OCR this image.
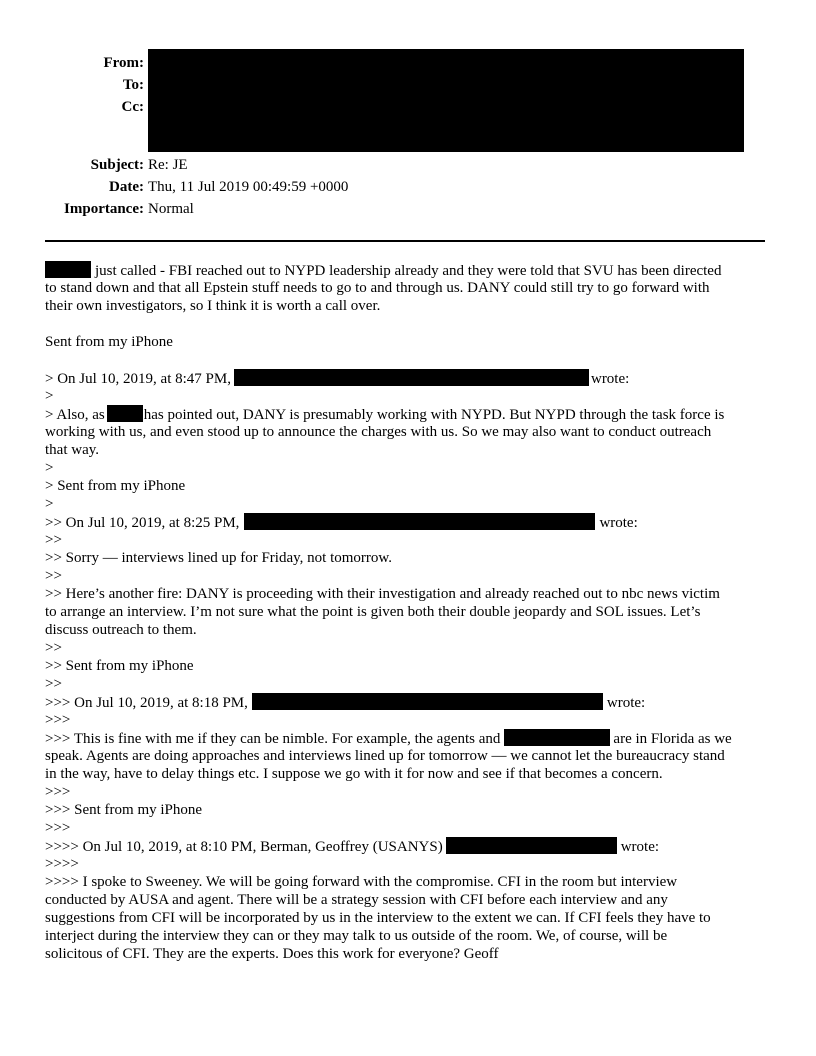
From:
To:
Cc:
Subject: Re: JE
Date: Thu, 11 Jul 2019 00:49:59 +0000
Importance: Normal
just called - FBI reached out to NYPD leadership already and they were told that SVU has been directed
to stand down and that all Epstein stuff needs to go to and through us. DANY could still try to go forward with
their own investigators, so I think it is worth a call over.
Sent from my iPhone
> On Jul 10, 2019, at 8:47 PM,	wrote:
>
> Also, as	has pointed out, DANY is presumably working with NYPD. But NYPD through the task force is
working with us, and even stood up to announce the charges with us. So we may also want to conduct outreach
that way.
>
> Sent from my iPhone
>
>> On Jul 10, 2019, at 8:25 PM,	wrote:
>>
>> Sorry — interviews lined up for Friday, not tomorrow.
>>
>> Here’s another fire: DANY is proceeding with their investigation and already reached out to nbc news victim
to arrange an interview. I’m not sure what the point is given both their double jeopardy and SOL issues. Let’s
discuss outreach to them.
>>
>> Sent from my iPhone
>>
>>> On Jul 10, 2019, at 8:18 PM,	wrote:
>>>
>>> This is fine with me if they can be nimble. For example, the agents and	are in Florida as we
speak. Agents are doing approaches and interviews lined up for tomorrow — we cannot let the bureaucracy stand
in the way, have to delay things etc. I suppose we go with it for now and see if that becomes a concern.
>>>
>>> Sent from my iPhone
>>>
>>>> On Jul 10, 2019, at 8:10 PM, Berman, Geoffrey (USANYS)	wrote:
>>>>
>>>> I spoke to Sweeney. We will be going forward with the compromise. CFI in the room but interview
conducted by AUSA and agent. There will be a strategy session with CFI before each interview and any
suggestions from CFI will be incorporated by us in the interview to the extent we can. If CFI feels they have to
interject during the interview they can or they may talk to us outside of the room. We, of course, will be
solicitous of CFI. They are the experts. Does this work for everyone? Geoff
